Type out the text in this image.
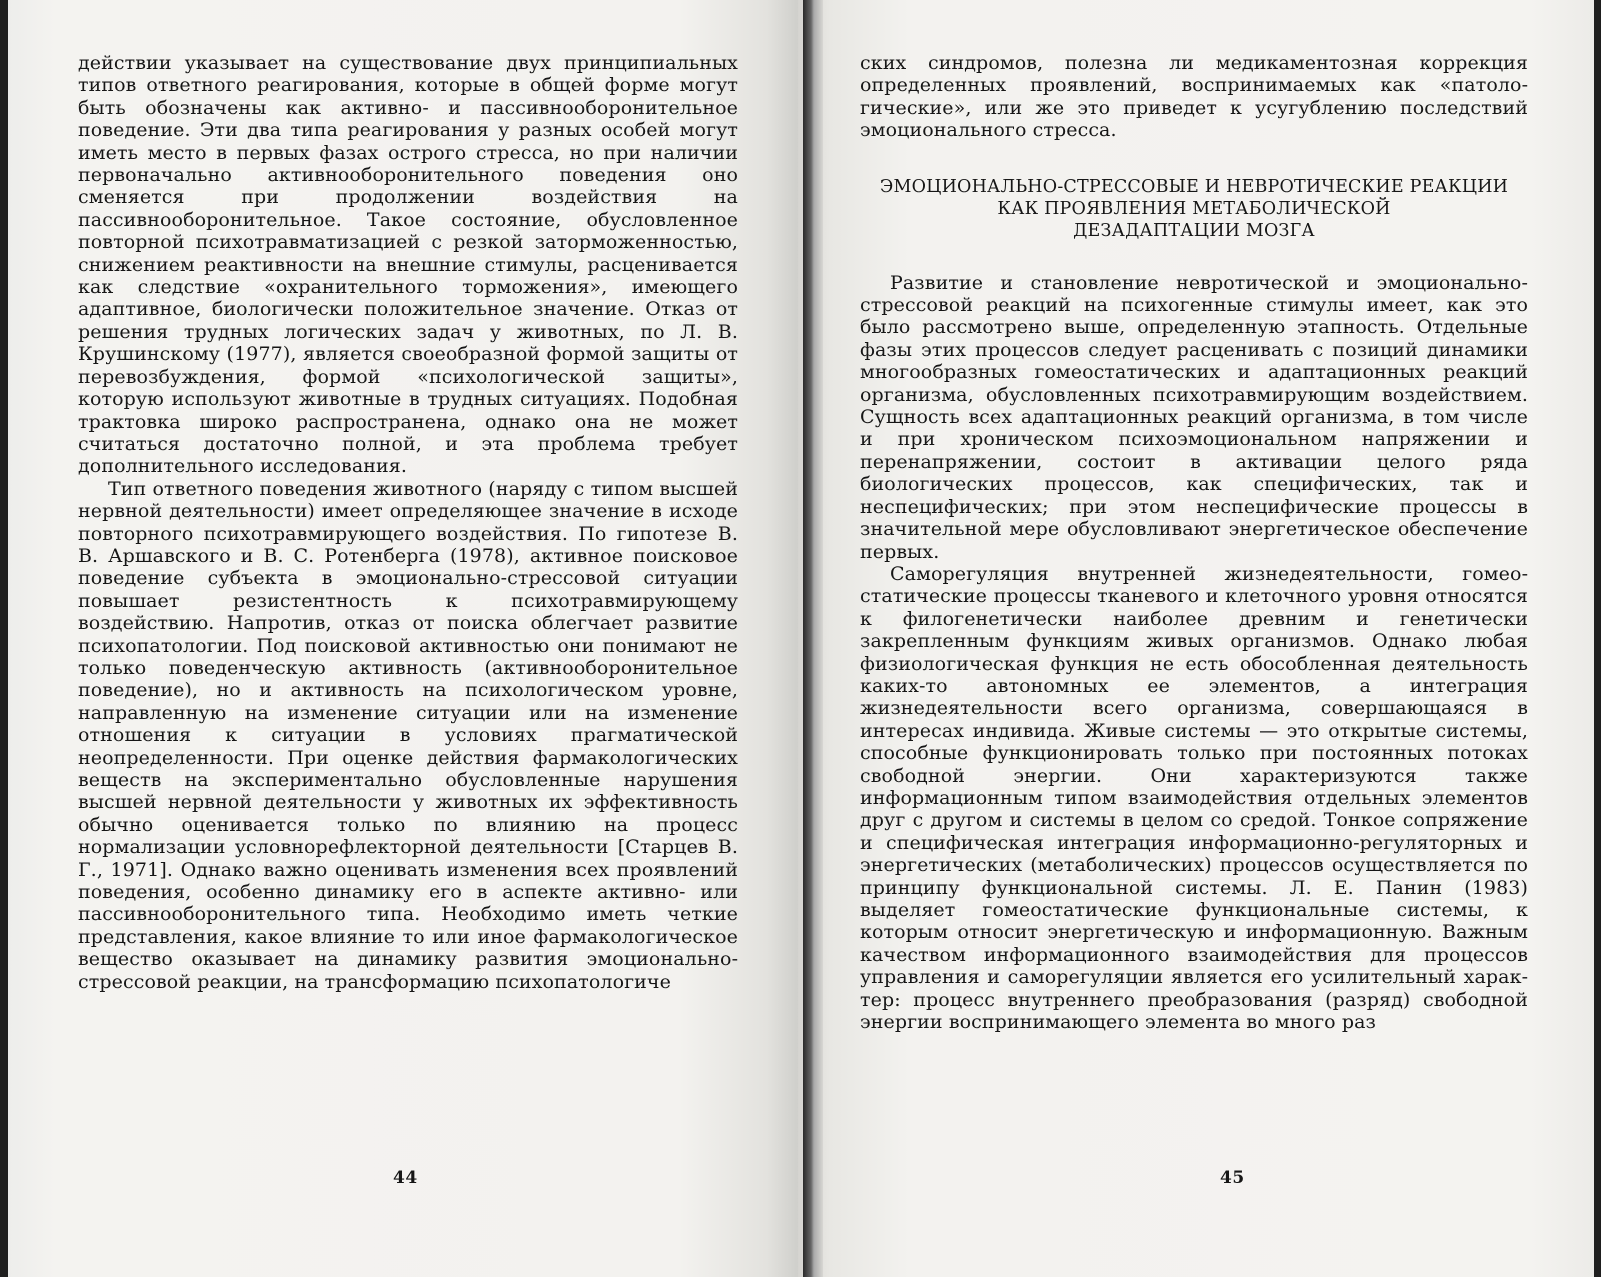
действии указывает на существование двух принципиальных типов ответного реагирования, которые в общей форме могут быть обозначены как активно- и пассивнооборонительное поведение. Эти два типа реагирования у разных особей могут иметь место в первых фазах острого стресса, но при наличии первоначально активнооборонительного поведения оно сменяется при продолжении воздействия на пассивнооборонительное. Такое состояние, обусловленное повторной психотравматизацией с резкой заторможенностью, снижением реактивности на внешние стимулы, расценивается как следствие «охранительного торможения», имеющего адаптивное, биологически положительное значение. Отказ от решения трудных логических задач у животных, по Л. В. Крушинскому (1977), является своеобразной формой защиты от перевозбуждения, формой «психологической защиты», которую используют животные в трудных ситуациях. Подобная трактовка широко распространена, однако она не может считаться достаточно полной, и эта проблема требует дополнительного исследования.

Тип ответного поведения животного (наряду с типом высшей нервной деятельности) имеет определяющее значение в исходе повторного психотравмирующего воздействия. По гипотезе В. В. Аршавского и В. С. Ротенберга (1978), активное поисковое поведение субъекта в эмоционально-стрессовой ситуации повышает резистентность к психотравмирующему воздействию. Напротив, отказ от поиска облегчает развитие психопатологии. Под поисковой активностью они понимают не только поведенческую активность (активнооборонительное поведение), но и активность на психологическом уровне, направленную на изменение ситуации или на изменение отношения к ситуации в условиях прагматической неопределенности. При оценке действия фармакологических веществ на экспериментально обусловленные нарушения высшей нервной деятельности у животных их эффективность обычно оценивается только по влиянию на процесс нормализации условнорефлекторной деятельности [Старцев В. Г., 1971]. Однако важно оценивать изменения всех проявлений поведения, особенно динамику его в аспекте активно- или пассивнооборонительного типа. Необходимо иметь четкие представления, какое влияние то или иное фармакологическое вещество оказывает на динамику развития эмоциональнострессовой реакции, на трансформацию психопатологиче

44

ских синдромов, полезна ли медикаментозная коррекция определенных проявлений, воспринимаемых как «патологические», или же это приведет к усугублению последствий эмоционального стресса.

ЭМОЦИОНАЛЬНО-СТРЕССОВЫЕ И НЕВРОТИЧЕСКИЕ РЕАКЦИИ
КАК ПРОЯВЛЕНИЯ МЕТАБОЛИЧЕСКОЙ
ДЕЗАДАПТАЦИИ МОЗГА

Развитие и становление невротической и эмоционально-стрессовой реакций на психогенные стимулы имеет, как это было рассмотрено выше, определенную этапность. Отдельные фазы этих процессов следует расценивать с позиций динамики многообразных гомеостатических и адаптационных реакций организма, обусловленных психотравмирующим воздействием. Сущность всех адаптационных реакций организма, в том числе и при хроническом психоэмоциональном напряжении и перенапряжении, состоит в активации целого ряда биологических процессов, как специфических, так и неспецифических; при этом неспецифические процессы в значительной мере обусловливают энергетическое обеспечение первых.

Саморегуляция внутренней жизнедеятельности, гомеостатические процессы тканевого и клеточного уровня относятся к филогенетически наиболее древним и генетически закрепленным функциям живых организмов. Однако любая физиологическая функция не есть обособленная деятельность каких-то автономных ее элементов, а интеграция жизнедеятельности всего организма, совершающаяся в интересах индивида. Живые системы — это открытые системы, способные функционировать только при постоянных потоках свободной энергии. Они характеризуются также информационным типом взаимодействия отдельных элементов друг с другом и системы в целом со средой. Тонкое сопряжение и специфическая интеграция информационно-регуляторных и энергетических (метаболических) процессов осуществляется по принципу функциональной системы. Л. Е. Панин (1983) выделяет гомеостатические функциональные системы, к которым относит энергетическую и информационную. Важным качеством информационного взаимодействия для процессов управления и саморегуляции является его усилительный характер: процесс внутреннего преобразования (разряд) свободной энергии воспринимающего элемента во много раз

45
